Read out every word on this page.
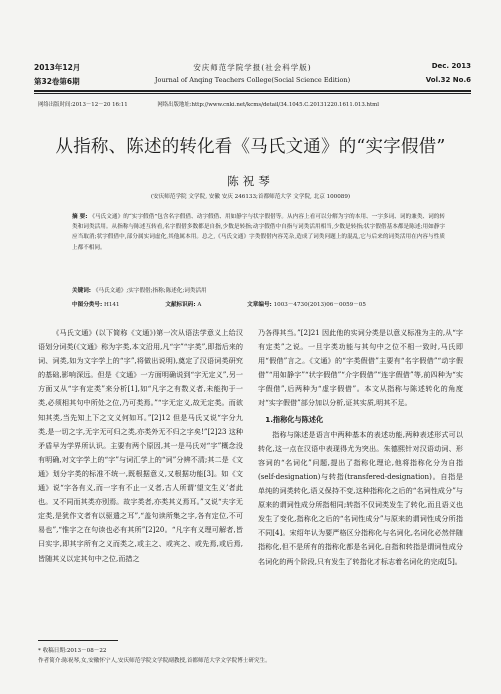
2013年12月
第32卷第6期
安庆师范学院学报(社会科学版)
Journal of Anqing Teachers College(Social Science Edition)
Dec. 2013
Vol.32 No.6
网络出版时间:2013－12－20 16:11	网络出版地址:http://www.cnki.net/kcms/detail/34.1045.C.20131220.1611.013.html
从指称、陈述的转化看《马氏文通》的“实字假借”
陈祝琴
(安庆师范学院 文学院, 安徽 安庆 246133;首都师范大学 文学院, 北京 100089)
摘 要: 《马氏文通》的“实字假借”包含名字假借、动字假借、用如静字与状字假借等。从内容上看可以分解为字的本用、一字多词、词的兼类、词的转类和词类活用。从指称与陈述互转看,名字假借多数都是自指,少数是转指;动字假借中自指与词类活用相当,少数是转指;状字假借基本都是陈述;用如静字应当取消;状字假借中,部分属实词虚化,其他属本用。总之,《马氏文通》字类假借内容芜杂,造成了词类问题上的混乱,它与后来的词类活用在内容与性质上都不相同。
关键词: 《马氏文通》;实字假借;指称;陈述化;词类活用
中图分类号: H141	文献标识码: A	文章编号: 1003－4730(2013)06－0059－05

《马氏文通》(以下简称《文通》)第一次从语法学意义上给汉语划分词类(《文通》称为字类,本文沿用,凡“字”“字类”,即指后来的词、词类,如为文字学上的“字”,将做出说明),奠定了汉语词类研究的基础,影响深远。但是《文通》一方面明确说到“字无定义”,另一方面又从“字有定类”来分析[1],如“凡字之有数义者,未能拘于一类,必须相其句中所处之位,乃可类焉。”“字无定义,故无定类。而欲知其类,当先知上下之文义何如耳。”[2]12 但是马氏又说“字分九类,是一切之字,无字无可归之类,亦类外无不归之字矣!”[2]23 这种矛盾早为学界所认识。主要有两个原因,其一是马氏对“字”概念没有明确,对文字学上的“字”与词汇学上的“词”分辨不清;其二是《文通》划分字类的标准不统一,既根据意义,又根据功能[3]。如《文通》说“字各有义,而一字有不止一义者,古人所谓‘望文生义’者此也。又不同而其类亦别焉。故字类者,亦类其义焉耳。”又说“夫字无定类,是犹作文者有以驱遣之耳”,“盖句读所集之字,各有定位,不可易也”,“惟字之在句读也必有其所”[2]20。“凡字有义理可解者,皆曰实字,即其字所有之义而类之,或主之、或宾之、或先焉,或后焉,皆随其义以定其句中之位,而措之

乃各得其当。”[2]21 因此他的实词分类是以意义标准为主的,从“字有定类”之说。一旦字类功能与其句中之位不相一致时,马氏即用“假借”言之。《文通》的“字类假借”主要有“名字假借”“动字假借”“用如静字”“状字假借”“介字假借”“连字假借”等,前四种为“实字假借”,后两种为“虚字假借”。本文从指称与陈述转化的角度对“实字假借”部分加以分析,证其实质,明其不足。

1.指称化与陈述化

指称与陈述是语言中两种基本的表述功能,两种表述形式可以转化,这一点在汉语中表现得尤为突出。朱德熙针对汉语动词、形容词的“名词化”问题,提出了指称化理论,他将指称化分为自指(self-designation)与转指(transfered-designation)。自指是单纯的词类转化,语义保持不变,这种指称化之后的“名词性成分”与原来的谓词性成分所指相同;转指不仅词类发生了转化,而且语义也发生了变化,指称化之后的“名词性成分”与原来的谓词性成分所指不同[4]。宋绍年认为要严格区分指称化与名词化,名词化必然伴随指称化,但不是所有的指称化都是名词化,自指和转指是谓词性成分名词化的两个阶段,只有发生了转指化才标志着名词化的完成[5]。

* 收稿日期:2013－08－22
作者简介:陈祝琴,女,安徽怀宁人,安庆师范学院文学院副教授,首都师范大学文学院博士研究生。
